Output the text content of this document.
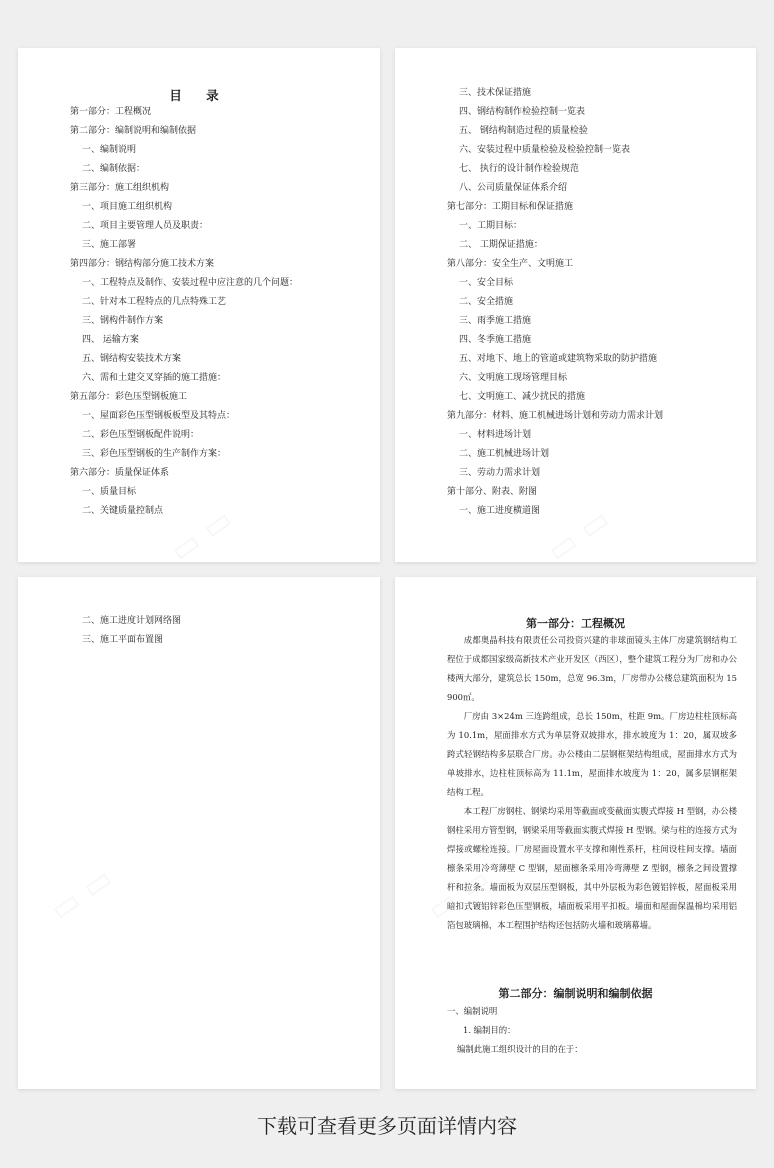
目 录
第一部分：工程概况
第二部分：编制说明和编制依据
一、编制说明
二、编制依据：
第三部分：施工组织机构
一、项目施工组织机构
二、项目主要管理人员及职责：
三、施工部署
第四部分：钢结构部分施工技术方案
一、工程特点及制作、安装过程中应注意的几个问题：
二、针对本工程特点的几点特殊工艺
三、钢构件制作方案
四、 运输方案
五、钢结构安装技术方案
六、需和土建交叉穿插的施工措施：
第五部分：彩色压型钢板施工
一、屋面彩色压型钢板板型及其特点：
二、彩色压型钢板配件说明：
三、彩色压型钢板的生产制作方案：
第六部分：质量保证体系
一、质量目标
二、关键质量控制点
三、技术保证措施
四、钢结构制作检验控制一览表
五、 钢结构制造过程的质量检验
六、安装过程中质量检验及检验控制一览表
七、 执行的设计制作检验规范
八、公司质量保证体系介绍
第七部分：工期目标和保证措施
一、工期目标：
二、 工期保证措施：
第八部分：安全生产、文明施工
一、安全目标
二、安全措施
三、雨季施工措施
四、冬季施工措施
五、对地下、地上的管道或建筑物采取的防护措施
六、文明施工现场管理目标
七、文明施工、减少扰民的措施
第九部分：材料、施工机械进场计划和劳动力需求计划
一、材料进场计划
二、施工机械进场计划
三、劳动力需求计划
第十部分、附表、附图
一、施工进度横道图
二、施工进度计划网络图
三、施工平面布置图
第一部分：工程概况
成都奥晶科技有限责任公司投资兴建的非球面镜头主体厂房建筑钢结构工程位于成都国家级高新技术产业开发区（西区），整个建筑工程分为厂房和办公楼两大部分，建筑总长 150m，总宽 96.3m，厂房带办公楼总建筑面积为 15900㎡。
厂房由 3×24m 三连跨组成，总长 150m，柱距 9m。厂房边柱柱顶标高为 10.1m，屋面排水方式为单层脊双坡排水，排水坡度为 1：20，属双坡多跨式轻钢结构多层联合厂房。办公楼由二层钢框架结构组成，屋面排水方式为单坡排水，边柱柱顶标高为 11.1m，屋面排水坡度为 1：20，属多层钢框架结构工程。
本工程厂房钢柱、钢梁均采用等截面或变截面实腹式焊接 H 型钢，办公楼钢柱采用方管型钢，钢梁采用等截面实腹式焊接 H 型钢。梁与柱的连接方式为焊接或螺栓连接。厂房屋面设置水平支撑和刚性系杆，柱间设柱间支撑。墙面檩条采用冷弯薄壁 C 型钢，屋面檩条采用冷弯薄壁 Z 型钢，檩条之间设置撑杆和拉条。墙面板为双层压型钢板，其中外层板为彩色镀铝锌板，屋面板采用暗扣式镀铝锌彩色压型钢板，墙面板采用平扣板。墙面和屋面保温棉均采用铝箔包玻璃棉，本工程围护结构还包括防火墙和玻璃幕墙。
第二部分：编制说明和编制依据
一、编制说明
1. 编制目的：
编制此施工组织设计的目的在于：
下载可查看更多页面详情内容
